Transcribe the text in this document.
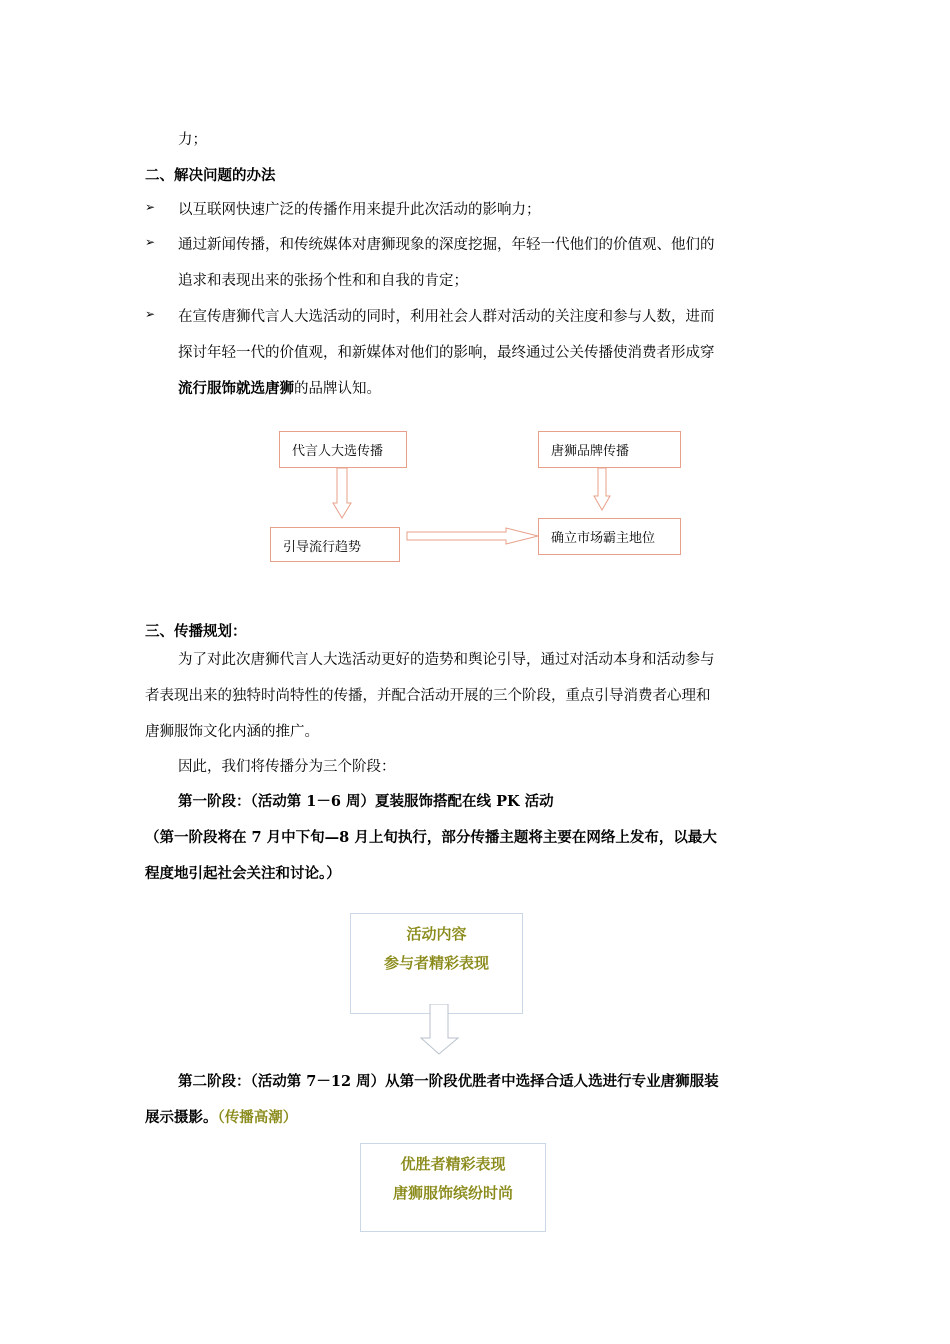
力；
二、解决问题的办法
➢ 以互联网快速广泛的传播作用来提升此次活动的影响力；
➢ 通过新闻传播，和传统媒体对唐狮现象的深度挖掘，年轻一代他们的价值观、他们的
追求和表现出来的张扬个性和和自我的肯定；
➢ 在宣传唐狮代言人大选活动的同时，利用社会人群对活动的关注度和参与人数，进而
探讨年轻一代的价值观，和新媒体对他们的影响，最终通过公关传播使消费者形成穿
流行服饰就选唐狮的品牌认知。
代言人大选传播	唐狮品牌传播
引导流行趋势
确立市场霸主地位
三、传播规划：
为了对此次唐狮代言人大选活动更好的造势和舆论引导，通过对活动本身和活动参与
者表现出来的独特时尚特性的传播，并配合活动开展的三个阶段，重点引导消费者心理和
唐狮服饰文化内涵的推广。
因此，我们将传播分为三个阶段：
第一阶段：（活动第 1－6 周）夏装服饰搭配在线 PK 活动
（第一阶段将在 7 月中下旬—8 月上旬执行，部分传播主题将主要在网络上发布，以最大
程度地引起社会关注和讨论。）
活动内容
参与者精彩表现
第二阶段：（活动第 7－12 周）从第一阶段优胜者中选择合适人选进行专业唐狮服装
展示摄影。（传播高潮）
优胜者精彩表现
唐狮服饰缤纷时尚
